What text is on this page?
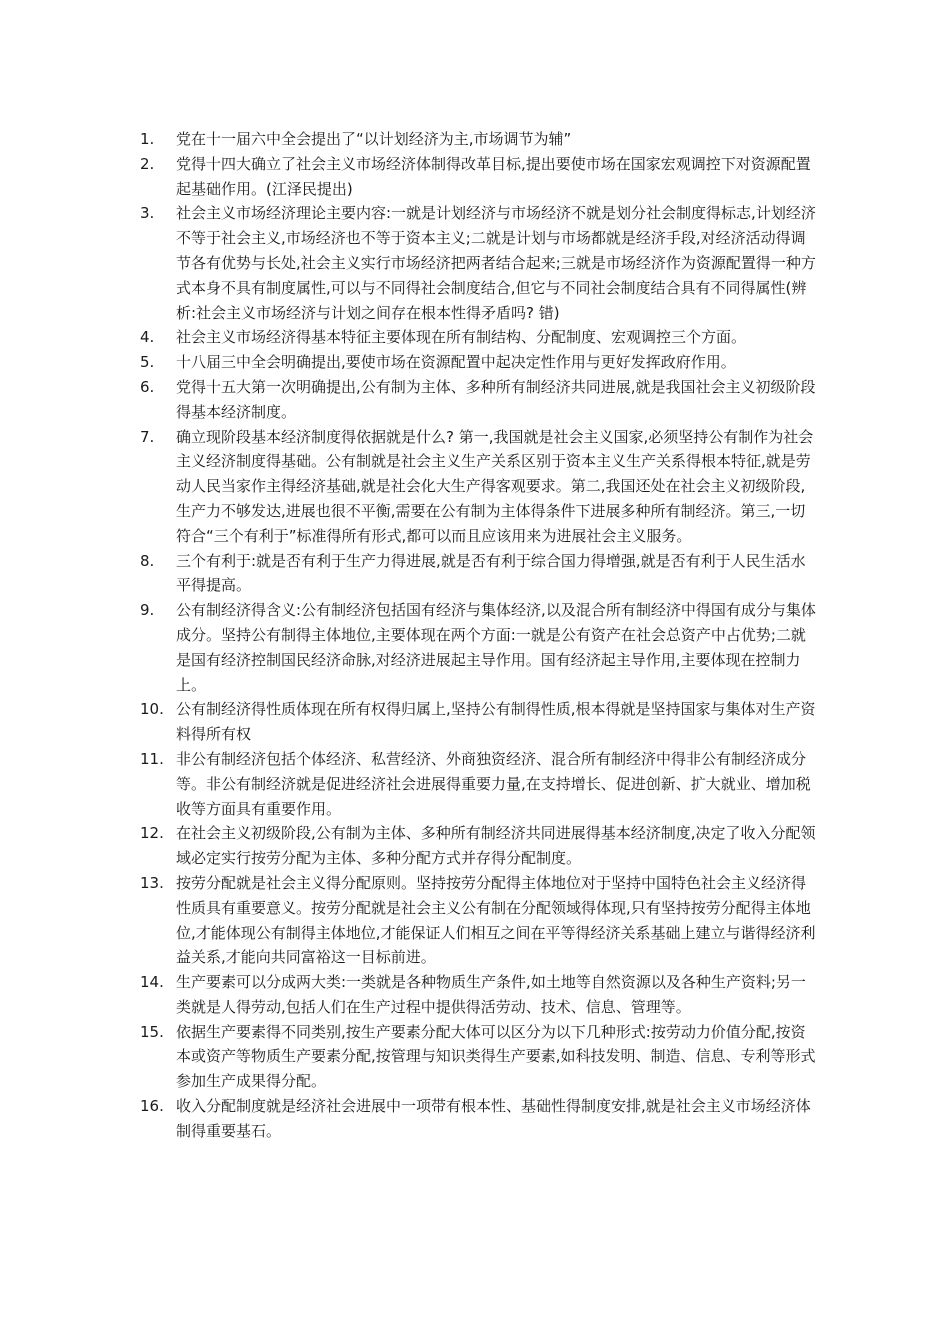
1.	党在十一届六中全会提出了“以计划经济为主,市场调节为辅”
2.	党得十四大确立了社会主义市场经济体制得改革目标,提出要使市场在国家宏观调控下对资源配置起基础作用。(江泽民提出)
3.	社会主义市场经济理论主要内容:一就是计划经济与市场经济不就是划分社会制度得标志,计划经济不等于社会主义,市场经济也不等于资本主义;二就是计划与市场都就是经济手段,对经济活动得调节各有优势与长处,社会主义实行市场经济把两者结合起来;三就是市场经济作为资源配置得一种方式本身不具有制度属性,可以与不同得社会制度结合,但它与不同社会制度结合具有不同得属性(辨析:社会主义市场经济与计划之间存在根本性得矛盾吗? 错)
4.	社会主义市场经济得基本特征主要体现在所有制结构、分配制度、宏观调控三个方面。
5.	十八届三中全会明确提出,要使市场在资源配置中起决定性作用与更好发挥政府作用。
6.	党得十五大第一次明确提出,公有制为主体、多种所有制经济共同进展,就是我国社会主义初级阶段得基本经济制度。
7.	确立现阶段基本经济制度得依据就是什么? 第一,我国就是社会主义国家,必须坚持公有制作为社会主义经济制度得基础。公有制就是社会主义生产关系区别于资本主义生产关系得根本特征,就是劳动人民当家作主得经济基础,就是社会化大生产得客观要求。第二,我国还处在社会主义初级阶段,生产力不够发达,进展也很不平衡,需要在公有制为主体得条件下进展多种所有制经济。第三,一切符合“三个有利于”标准得所有形式,都可以而且应该用来为进展社会主义服务。
8.	三个有利于:就是否有利于生产力得进展,就是否有利于综合国力得增强,就是否有利于人民生活水平得提高。
9.	公有制经济得含义:公有制经济包括国有经济与集体经济,以及混合所有制经济中得国有成分与集体成分。坚持公有制得主体地位,主要体现在两个方面:一就是公有资产在社会总资产中占优势;二就是国有经济控制国民经济命脉,对经济进展起主导作用。国有经济起主导作用,主要体现在控制力上。
10. 公有制经济得性质体现在所有权得归属上,坚持公有制得性质,根本得就是坚持国家与集体对生产资料得所有权
11. 非公有制经济包括个体经济、私营经济、外商独资经济、混合所有制经济中得非公有制经济成分等。非公有制经济就是促进经济社会进展得重要力量,在支持增长、促进创新、扩大就业、增加税收等方面具有重要作用。
12. 在社会主义初级阶段,公有制为主体、多种所有制经济共同进展得基本经济制度,决定了收入分配领域必定实行按劳分配为主体、多种分配方式并存得分配制度。
13. 按劳分配就是社会主义得分配原则。坚持按劳分配得主体地位对于坚持中国特色社会主义经济得性质具有重要意义。按劳分配就是社会主义公有制在分配领域得体现,只有坚持按劳分配得主体地位,才能体现公有制得主体地位,才能保证人们相互之间在平等得经济关系基础上建立与谐得经济利益关系,才能向共同富裕这一目标前进。
14. 生产要素可以分成两大类:一类就是各种物质生产条件,如土地等自然资源以及各种生产资料;另一类就是人得劳动,包括人们在生产过程中提供得活劳动、技术、信息、管理等。
15. 依据生产要素得不同类别,按生产要素分配大体可以区分为以下几种形式:按劳动力价值分配,按资本或资产等物质生产要素分配,按管理与知识类得生产要素,如科技发明、制造、信息、专利等形式参加生产成果得分配。
16. 收入分配制度就是经济社会进展中一项带有根本性、基础性得制度安排,就是社会主义市场经济体制得重要基石。
